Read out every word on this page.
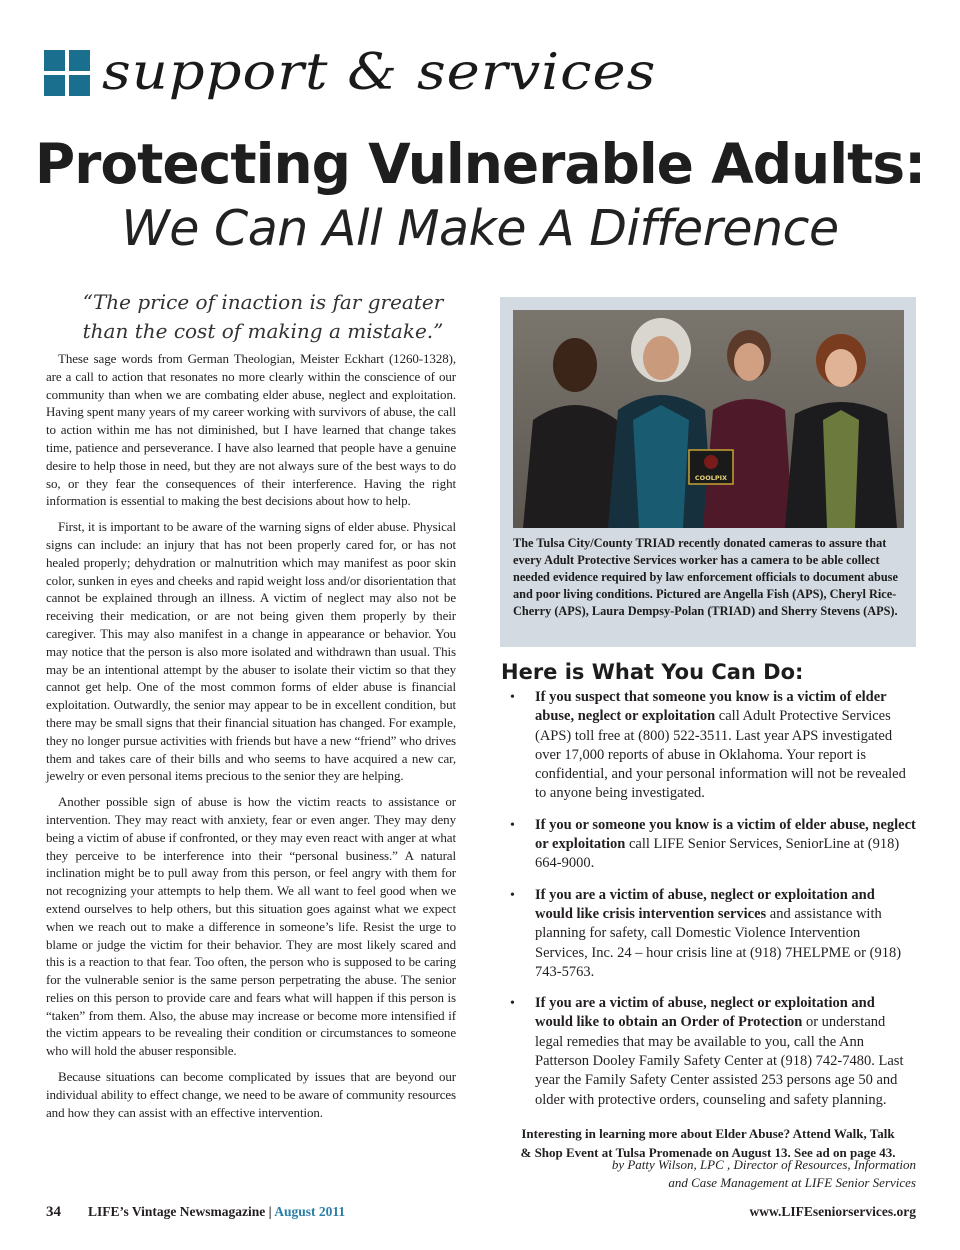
support & services
Protecting Vulnerable Adults:
We Can All Make A Difference
“The price of inaction is far greater
than the cost of making a mistake.”

These sage words from German Theologian, Meister Eckhart (1260-1328), are a call to action that resonates no more clearly within the conscience of our community than when we are combating elder abuse, neglect and exploitation. Having spent many years of my career working with survivors of abuse, the call to action within me has not diminished, but I have learned that change takes time, patience and perseverance. I have also learned that people have a genuine desire to help those in need, but they are not always sure of the best ways to do so, or they fear the consequences of their interference. Having the right information is essential to making the best decisions about how to help.

First, it is important to be aware of the warning signs of elder abuse. Physical signs can include: an injury that has not been properly cared for, or has not healed properly; dehydration or malnutrition which may manifest as poor skin color, sunken in eyes and cheeks and rapid weight loss and/or disorientation that cannot be explained through an illness. A victim of neglect may also not be receiving their medication, or are not being given them properly by their caregiver. This may also manifest in a change in appearance or behavior. You may notice that the person is also more isolated and withdrawn than usual. This may be an intentional attempt by the abuser to isolate their victim so that they cannot get help. One of the most common forms of elder abuse is financial exploitation. Outwardly, the senior may appear to be in excellent condition, but there may be small signs that their financial situation has changed. For example, they no longer pursue activities with friends but have a new “friend” who drives them and takes care of their bills and who seems to have acquired a new car, jewelry or even personal items precious to the senior they are helping.

Another possible sign of abuse is how the victim reacts to assistance or intervention. They may react with anxiety, fear or even anger. They may deny being a victim of abuse if confronted, or they may even react with anger at what they perceive to be interference into their “personal business.” A natural inclination might be to pull away from this person, or feel angry with them for not recognizing your attempts to help them. We all want to feel good when we extend ourselves to help others, but this situation goes against what we expect when we reach out to make a difference in someone’s life. Resist the urge to blame or judge the victim for their behavior. They are most likely scared and this is a reaction to that fear. Too often, the person who is supposed to be caring for the vulnerable senior is the same person perpetrating the abuse. The senior relies on this person to provide care and fears what will happen if this person is “taken” from them. Also, the abuse may increase or become more intensified if the victim appears to be revealing their condition or circumstances to someone who will hold the abuser responsible.

Because situations can become complicated by issues that are beyond our individual ability to effect change, we need to be aware of community resources and how they can assist with an effective intervention.

COOLPIX
The Tulsa City/County TRIAD recently donated cameras to assure that every Adult Protective Services worker has a camera to be able collect needed evidence required by law enforcement officials to document abuse and poor living conditions. Pictured are Angella Fish (APS), Cheryl Rice-Cherry (APS), Laura Dempsy-Polan (TRIAD) and Sherry Stevens (APS).
Here is What You Can Do:
• If you suspect that someone you know is a victim of elder abuse, neglect or exploitation call Adult Protective Services (APS) toll free at (800) 522-3511. Last year APS investigated over 17,000 reports of abuse in Oklahoma. Your report is confidential, and your personal information will not be revealed to anyone being investigated.
• If you or someone you know is a victim of elder abuse, neglect or exploitation call LIFE Senior Services, SeniorLine at (918) 664-9000.
• If you are a victim of abuse, neglect or exploitation and would like crisis intervention services and assistance with planning for safety, call Domestic Violence Intervention Services, Inc. 24 – hour crisis line at (918) 7HELPME or (918) 743-5763.
• If you are a victim of abuse, neglect or exploitation and would like to obtain an Order of Protection or understand legal remedies that may be available to you, call the Ann Patterson Dooley Family Safety Center at (918) 742-7480. Last year the Family Safety Center assisted 253 persons age 50 and older with protective orders, counseling and safety planning.
Interesting in learning more about Elder Abuse? Attend Walk, Talk
& Shop Event at Tulsa Promenade on August 13. See ad on page 43.
by Patty Wilson, LPC , Director of Resources, Information
and Case Management at LIFE Senior Services
34 LIFE’s Vintage Newsmagazine | August 2011	www.LIFEseniorservices.org
